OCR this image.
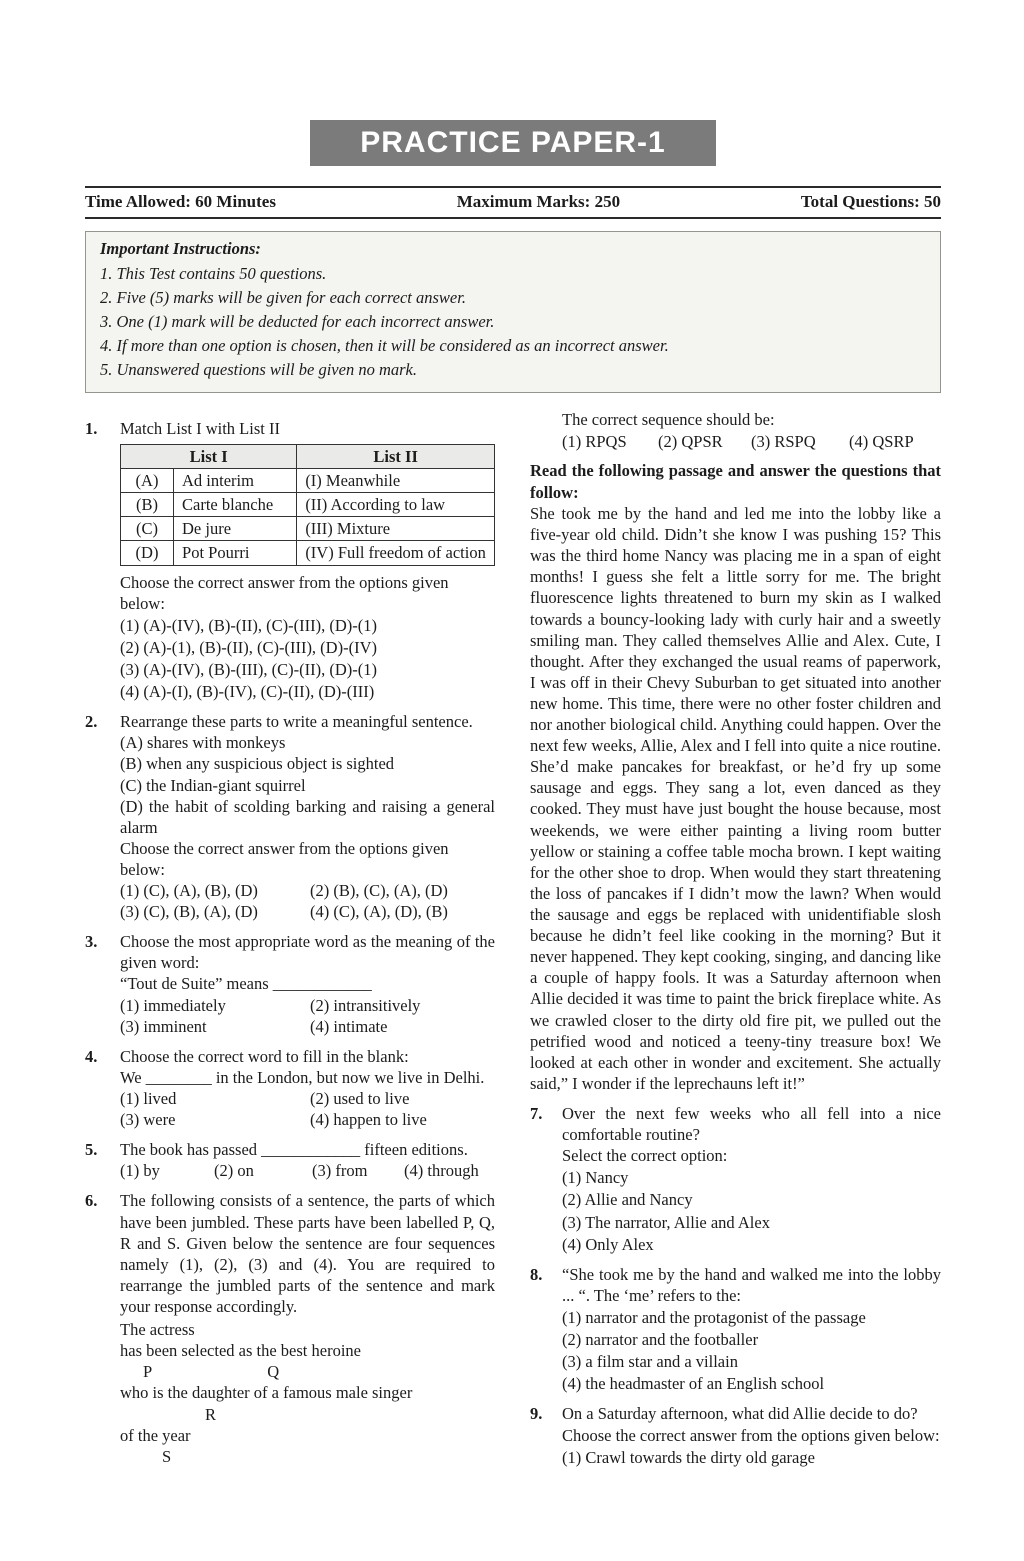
PRACTICE PAPER-1
Time Allowed: 60 Minutes	Maximum Marks: 250	Total Questions: 50
Important Instructions:
1. This Test contains 50 questions.
2. Five (5) marks will be given for each correct answer.
3. One (1) mark will be deducted for each incorrect answer.
4. If more than one option is chosen, then it will be considered as an incorrect answer.
5. Unanswered questions will be given no mark.
1.	Match List I with List II
List I		List II
(A)	Ad interim	(I) Meanwhile
(B)	Carte blanche	(II) According to law
(C)	De jure	(III) Mixture
(D)	Pot Pourri	(IV) Full freedom of action
Choose the correct answer from the options given below:
(1) (A)-(IV), (B)-(II), (C)-(III), (D)-(1)
(2) (A)-(1), (B)-(II), (C)-(III), (D)-(IV)
(3) (A)-(IV), (B)-(III), (C)-(II), (D)-(1)
(4) (A)-(I), (B)-(IV), (C)-(II), (D)-(III)
2.	Rearrange these parts to write a meaningful sentence.
(A) shares with monkeys
(B) when any suspicious object is sighted
(C) the Indian-giant squirrel
(D) the habit of scolding barking and raising a general alarm
Choose the correct answer from the options given below:
(1) (C), (A), (B), (D)	(2) (B), (C), (A), (D)
(3) (C), (B), (A), (D)	(4) (C), (A), (D), (B)
3.	Choose the most appropriate word as the meaning of the given word:
“Tout de Suite” means ____________
(1) immediately	(2) intransitively
(3) imminent	(4) intimate
4.	Choose the correct word to fill in the blank:
We ________ in the London, but now we live in Delhi.
(1) lived	(2) used to live
(3) were	(4) happen to live
5.	The book has passed ____________ fifteen editions.
(1) by	(2) on	(3) from	(4) through
6.	The following consists of a sentence, the parts of which have been jumbled. These parts have been labelled P, Q, R and S. Given below the sentence are four sequences namely (1), (2), (3) and (4). You are required to rearrange the jumbled parts of the sentence and mark your response accordingly.
The actress
has been selected as the best heroine
P	Q
who is the daughter of a famous male singer
R
of the year
S
The correct sequence should be:
(1) RPQS	(2) QPSR	(3) RSPQ	(4) QSRP
Read the following passage and answer the questions that follow:
She took me by the hand and led me into the lobby like a five-year old child. Didn’t she know I was pushing 15? This was the third home Nancy was placing me in a span of eight months! I guess she felt a little sorry for me. The bright fluorescence lights threatened to burn my skin as I walked towards a bouncy-looking lady with curly hair and a sweetly smiling man. They called themselves Allie and Alex. Cute, I thought. After they exchanged the usual reams of paperwork, I was off in their Chevy Suburban to get situated into another new home. This time, there were no other foster children and nor another biological child. Anything could happen. Over the next few weeks, Allie, Alex and I fell into quite a nice routine. She’d make pancakes for breakfast, or he’d fry up some sausage and eggs. They sang a lot, even danced as they cooked. They must have just bought the house because, most weekends, we were either painting a living room butter yellow or staining a coffee table mocha brown. I kept waiting for the other shoe to drop. When would they start threatening the loss of pancakes if I didn’t mow the lawn? When would the sausage and eggs be replaced with unidentifiable slosh because he didn’t feel like cooking in the morning? But it never happened. They kept cooking, singing, and dancing like a couple of happy fools. It was a Saturday afternoon when Allie decided it was time to paint the brick fireplace white. As we crawled closer to the dirty old fire pit, we pulled out the petrified wood and noticed a teeny-tiny treasure box! We looked at each other in wonder and excitement. She actually said,” I wonder if the leprechauns left it!”
7.	Over the next few weeks who all fell into a nice comfortable routine?
Select the correct option:
(1) Nancy
(2) Allie and Nancy
(3) The narrator, Allie and Alex
(4) Only Alex
8.	“She took me by the hand and walked me into the lobby ... “. The ‘me’ refers to the:
(1) narrator and the protagonist of the passage
(2) narrator and the footballer
(3) a film star and a villain
(4) the headmaster of an English school
9.	On a Saturday afternoon, what did Allie decide to do?
Choose the correct answer from the options given below:
(1) Crawl towards the dirty old garage
